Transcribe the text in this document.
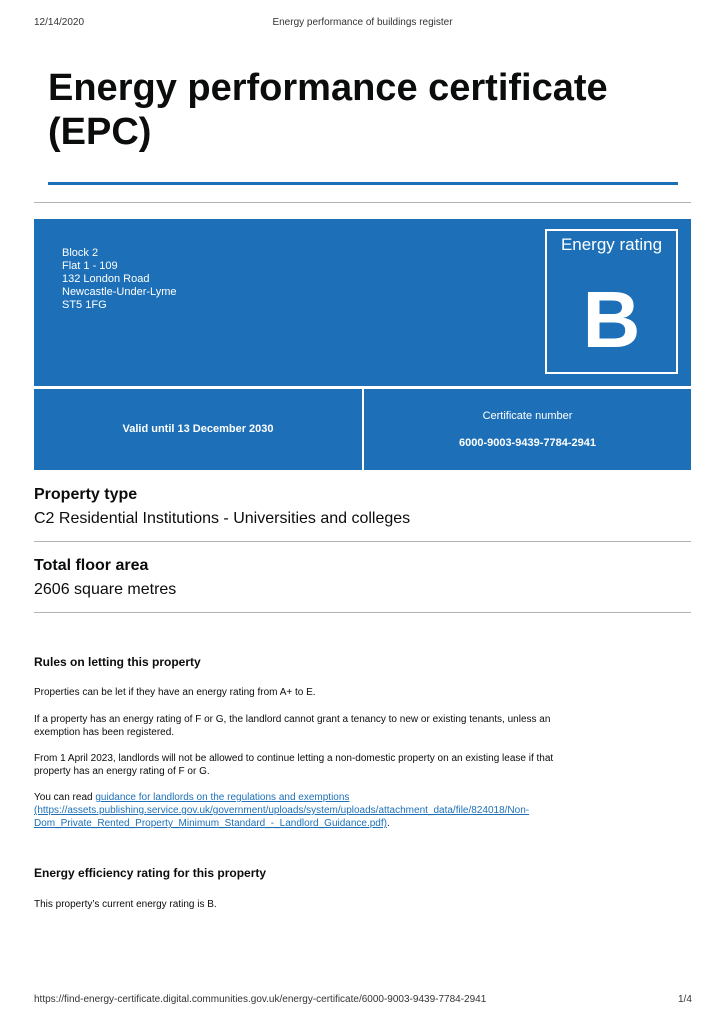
12/14/2020	Energy performance of buildings register
Energy performance certificate
(EPC)
Block 2
Flat 1 - 109
132 London Road
Newcastle-Under-Lyme
ST5 1FG
Energy rating
B
Valid until 13 December 2030
Certificate number
6000-9003-9439-7784-2941
Property type
C2 Residential Institutions - Universities and colleges
Total floor area
2606 square metres
Rules on letting this property
Properties can be let if they have an energy rating from A+ to E.
If a property has an energy rating of F or G, the landlord cannot grant a tenancy to new or existing tenants, unless an
exemption has been registered.
From 1 April 2023, landlords will not be allowed to continue letting a non-domestic property on an existing lease if that
property has an energy rating of F or G.
You can read guidance for landlords on the regulations and exemptions
(https://assets.publishing.service.gov.uk/government/uploads/system/uploads/attachment_data/file/824018/Non-
Dom_Private_Rented_Property_Minimum_Standard_-_Landlord_Guidance.pdf).
Energy efficiency rating for this property
This property’s current energy rating is B.
https://find-energy-certificate.digital.communities.gov.uk/energy-certificate/6000-9003-9439-7784-2941	1/4
